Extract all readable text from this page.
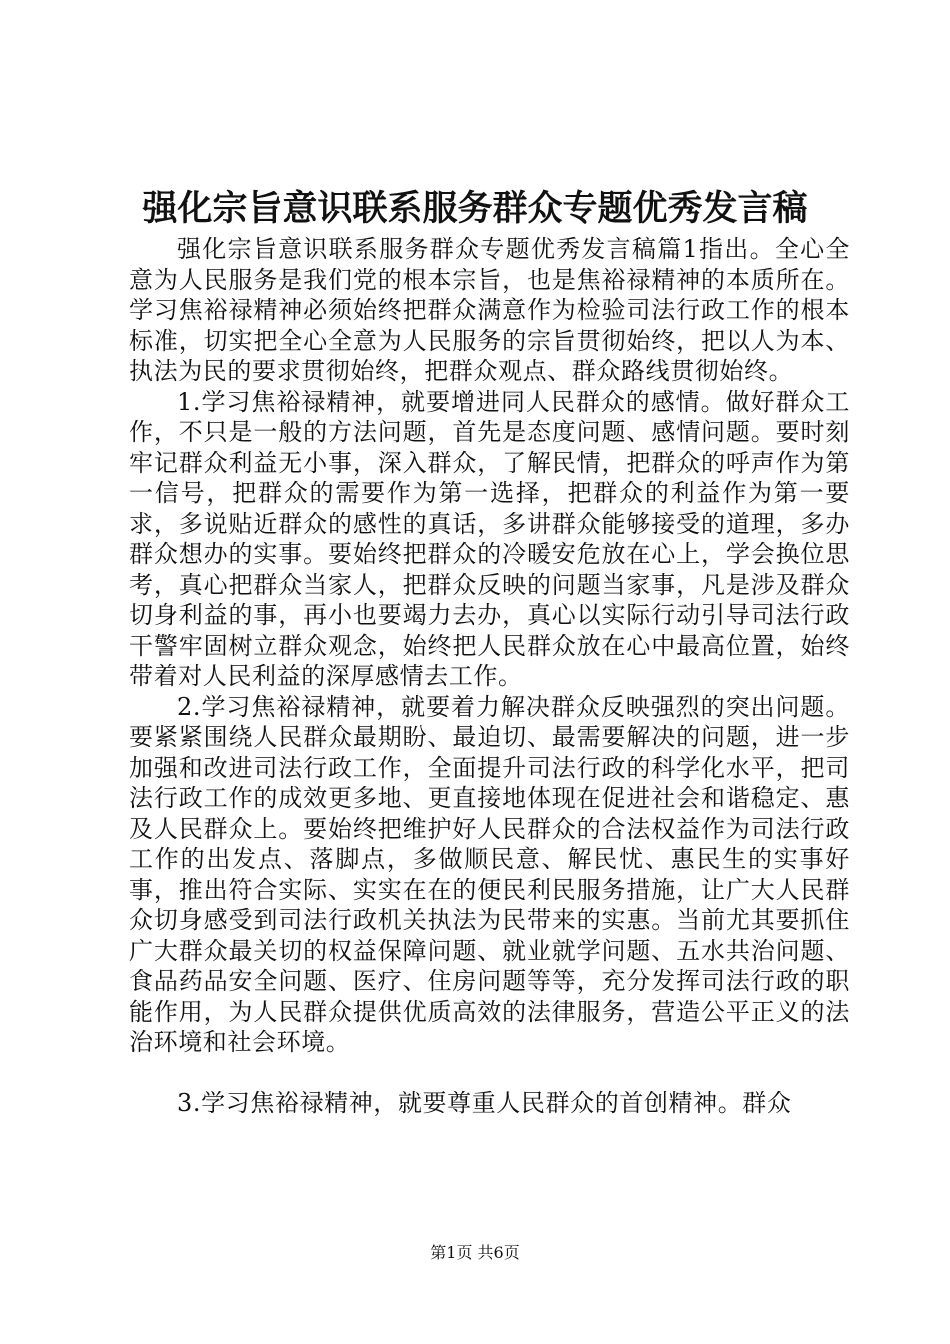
强化宗旨意识联系服务群众专题优秀发言稿

强化宗旨意识联系服务群众专题优秀发言稿篇1指出。全心全意为人民服务是我们党的根本宗旨，也是焦裕禄精神的本质所在。学习焦裕禄精神必须始终把群众满意作为检验司法行政工作的根本标准，切实把全心全意为人民服务的宗旨贯彻始终，把以人为本、执法为民的要求贯彻始终，把群众观点、群众路线贯彻始终。

1.学习焦裕禄精神，就要增进同人民群众的感情。做好群众工作，不只是一般的方法问题，首先是态度问题、感情问题。要时刻牢记群众利益无小事，深入群众，了解民情，把群众的呼声作为第一信号，把群众的需要作为第一选择，把群众的利益作为第一要求，多说贴近群众的感性的真话，多讲群众能够接受的道理，多办群众想办的实事。要始终把群众的冷暖安危放在心上，学会换位思考，真心把群众当家人，把群众反映的问题当家事，凡是涉及群众切身利益的事，再小也要竭力去办，真心以实际行动引导司法行政干警牢固树立群众观念，始终把人民群众放在心中最高位置，始终带着对人民利益的深厚感情去工作。

2.学习焦裕禄精神，就要着力解决群众反映强烈的突出问题。要紧紧围绕人民群众最期盼、最迫切、最需要解决的问题，进一步加强和改进司法行政工作，全面提升司法行政的科学化水平，把司法行政工作的成效更多地、更直接地体现在促进社会和谐稳定、惠及人民群众上。要始终把维护好人民群众的合法权益作为司法行政工作的出发点、落脚点，多做顺民意、解民忧、惠民生的实事好事，推出符合实际、实实在在的便民利民服务措施，让广大人民群众切身感受到司法行政机关执法为民带来的实惠。当前尤其要抓住广大群众最关切的权益保障问题、就业就学问题、五水共治问题、食品药品安全问题、医疗、住房问题等等，充分发挥司法行政的职能作用，为人民群众提供优质高效的法律服务，营造公平正义的法治环境和社会环境。

3.学习焦裕禄精神，就要尊重人民群众的首创精神。群众

第1页 共6页
